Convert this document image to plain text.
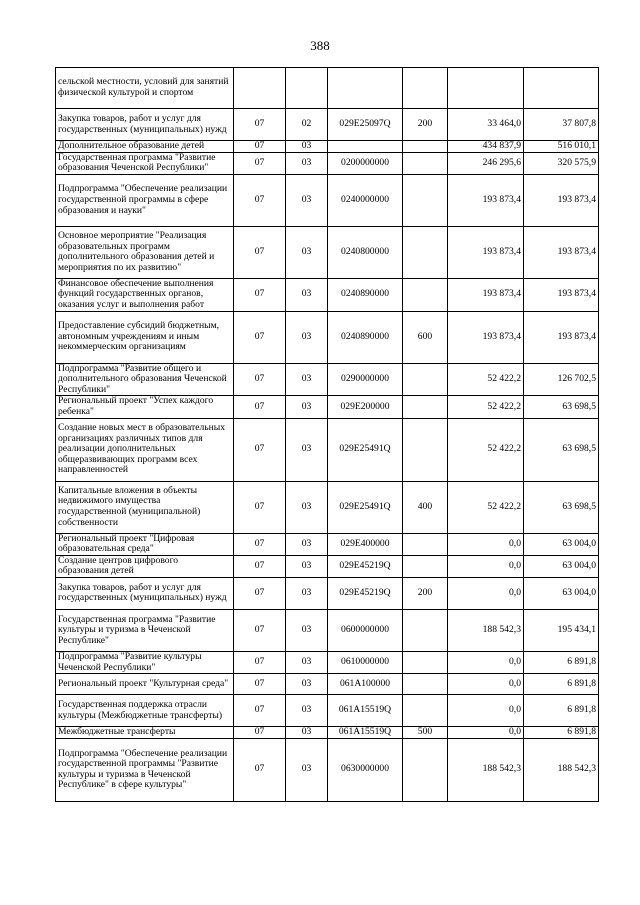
388
сельской местности, условий для занятий физической культурой и спортом						
Закупка товаров, работ и услуг для государственных (муниципальных) нужд	07	02	029E25097Q	200	33 464,0	37 807,8
Дополнительное образование детей	07	03			434 837,9	516 010,1
Государственная программа "Развитие образования Чеченской Республики"	07	03	0200000000		246 295,6	320 575,9
Подпрограмма "Обеспечение реализации государственной программы в сфере образования и науки"	07	03	0240000000		193 873,4	193 873,4
Основное мероприятие "Реализация образовательных программ дополнительного образования детей и мероприятия по их развитию"	07	03	0240800000		193 873,4	193 873,4
Финансовое обеспечение выполнения функций государственных органов, оказания услуг и выполнения работ	07	03	0240890000		193 873,4	193 873,4
Предоставление субсидий бюджетным, автономным учреждениям и иным некоммерческим организациям	07	03	0240890000	600	193 873,4	193 873,4
Подпрограмма "Развитие общего и дополнительного образования Чеченской Республики"	07	03	0290000000		52 422,2	126 702,5
Региональный проект "Успех каждого ребенка"	07	03	029E200000		52 422,2	63 698,5
Создание новых мест в образовательных организациях различных типов для реализации дополнительных общеразвивающих программ всех направленностей	07	03	029E25491Q		52 422,2	63 698,5
Капитальные вложения в объекты недвижимого имущества государственной (муниципальной) собственности	07	03	029E25491Q	400	52 422,2	63 698,5
Региональный проект "Цифровая образовательная среда"	07	03	029E400000		0,0	63 004,0
Создание центров цифрового образования детей	07	03	029E45219Q		0,0	63 004,0
Закупка товаров, работ и услуг для государственных (муниципальных) нужд	07	03	029E45219Q	200	0,0	63 004,0
Государственная программа "Развитие культуры и туризма в Чеченской Республике"	07	03	0600000000		188 542,3	195 434,1
Подпрограмма "Развитие культуры Чеченской Республики"	07	03	0610000000		0,0	6 891,8
Региональный проект "Культурная среда"	07	03	061A100000		0,0	6 891,8
Государственная поддержка отрасли культуры (Межбюджетные трансферты)	07	03	061A15519Q		0,0	6 891,8
Межбюджетные трансферты	07	03	061A15519Q	500	0,0	6 891,8
Подпрограмма "Обеспечение реализации государственной программы "Развитие культуры и туризма в Чеченской Республике" в сфере культуры"	07	03	0630000000		188 542,3	188 542,3
